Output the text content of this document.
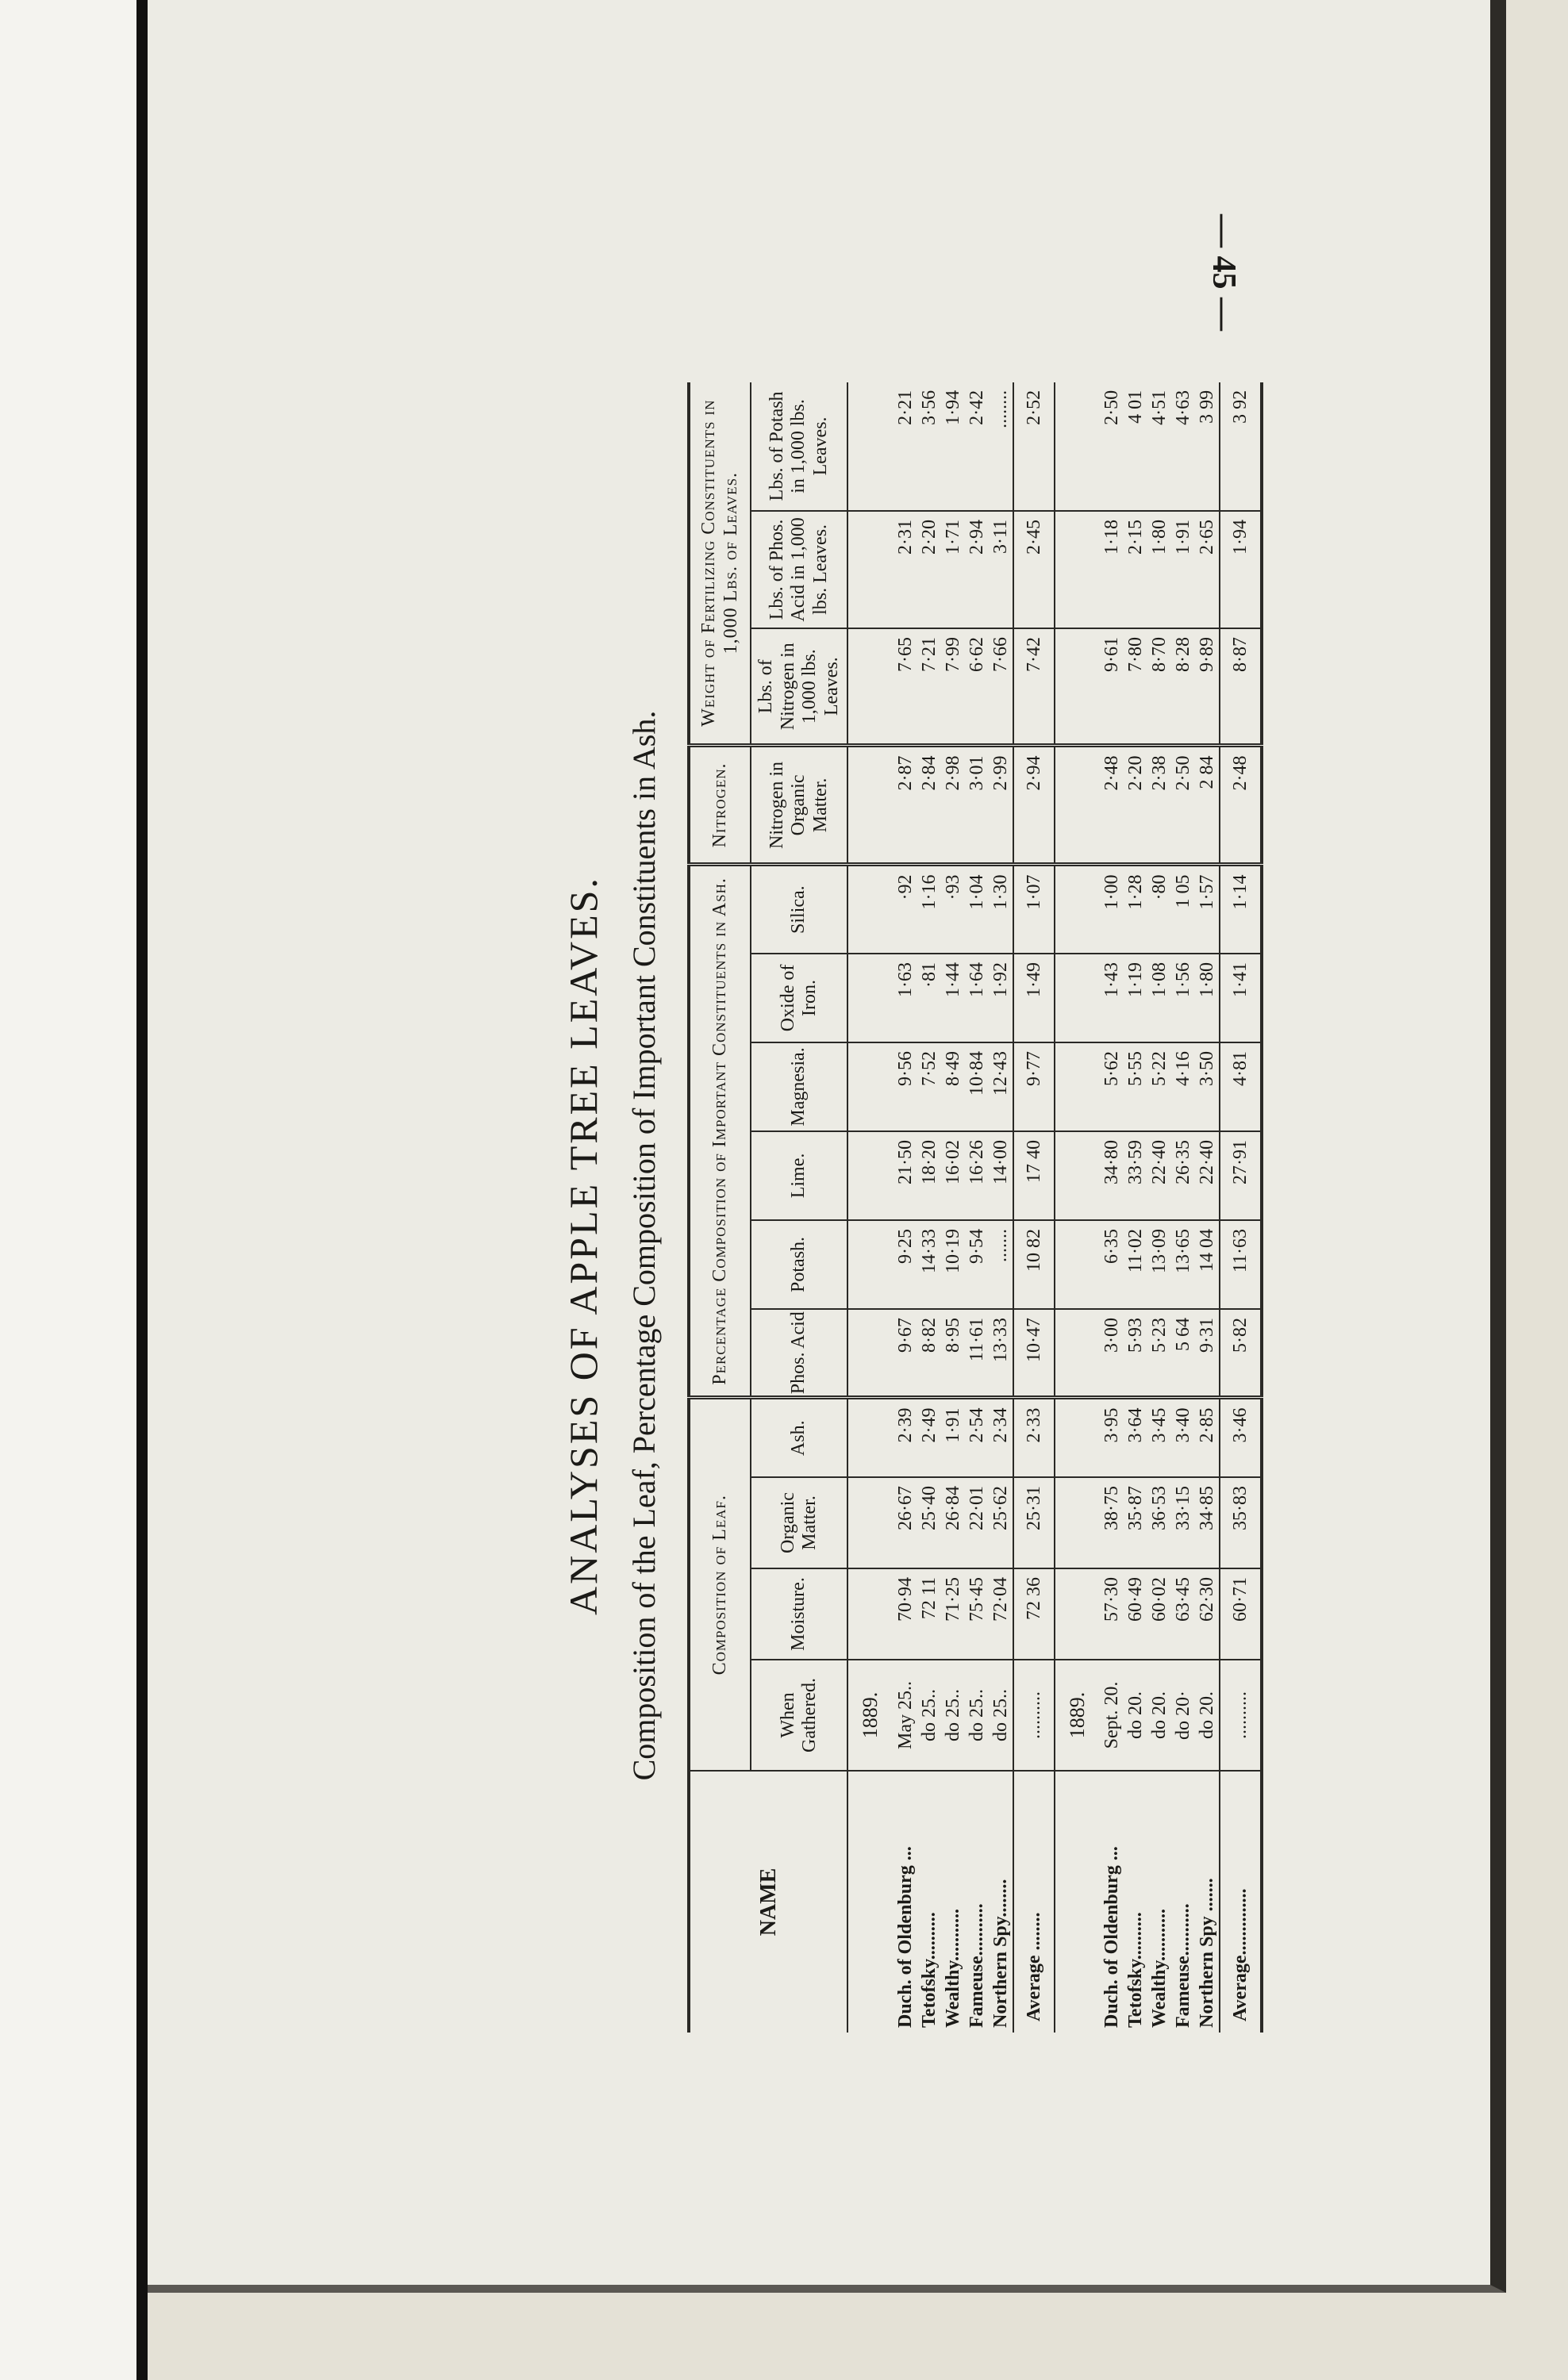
— 45 —
ANALYSES OF APPLE TREE LEAVES. Composition of the Leaf, Percentage Composition of Important Constituents in Ash.
NAME	Composition of Leaf.				Percentage Composition of Important Constituents in Ash.						Nitrogen.	Weight of Fertilizing Constituents in 1,000 Lbs. of Leaves.		
	When Gathered.	Moisture.	Organic Matter.	Ash.	Phos. Acid	Potash.	Lime.	Magnesia.	Oxide of Iron.	Silica.	Nitrogen in Organic Matter.	Lbs. of Nitrogen in 1,000 lbs. Leaves.	Lbs. of Phos. Acid in 1,000 lbs. Leaves.	Lbs. of Potash in 1,000 lbs. Leaves.
	1889.													
Duch. of Oldenburg ...	May 25..	70·94	26·67	2·39	9·67	9·25	21·50	9·56	1·63	·92	2·87	7·65	2·31	2·21
Tetofsky..........	do 25..	72 11	25·40	2·49	8·82	14·33	18·20	7·52	·81	1·16	2·84	7·21	2·20	3·56
Wealthy...........	do 25..	71·25	26·84	1·91	8·95	10·19	16·02	8·49	1·44	·93	2·98	7·99	1·71	1·94
Fameuse...........	do 25..	75·45	22·01	2·54	11·61	9·54	16·26	10·84	1·64	1·04	3·01	6·62	2·94	2·42
Northern Spy........	do 25..	72·04	25·62	2·34	13·33	.......	14·00	12·43	1·92	1·30	2·99	7·66	3·11	........
Average ........	..........	72 36	25·31	2·33	10·47	10 82	17 40	9·77	1·49	1·07	2·94	7·42	2·45	2·52
	1889.													
Duch. of Oldenburg ...	Sept. 20.	57·30	38·75	3·95	3·00	6·35	34·80	5·62	1·43	1·00	2·48	9·61	1·18	2·50
Tetofsky..........	do 20.	60·49	35·87	3·64	5·93	11·02	33·59	5·55	1·19	1·28	2·20	7·80	2·15	4 01
Wealthy...........	do 20.	60·02	36·53	3·45	5·23	13·09	22·40	5·22	1·08	·80	2·38	8·70	1·80	4·51
Fameuse...........	do 20·	63·45	33·15	3·40	5 64	13·65	26·35	4·16	1·56	1 05	2·50	8·28	1·91	4·63
Northern Spy .......	do 20.	62·30	34·85	2·85	9·31	14 04	22·40	3·50	1·80	1·57	2 84	9·89	2·65	3 99
Average..............	..........	60·71	35·83	3·46	5·82	11·63	27·91	4·81	1·41	1·14	2·48	8·87	1·94	3 92
